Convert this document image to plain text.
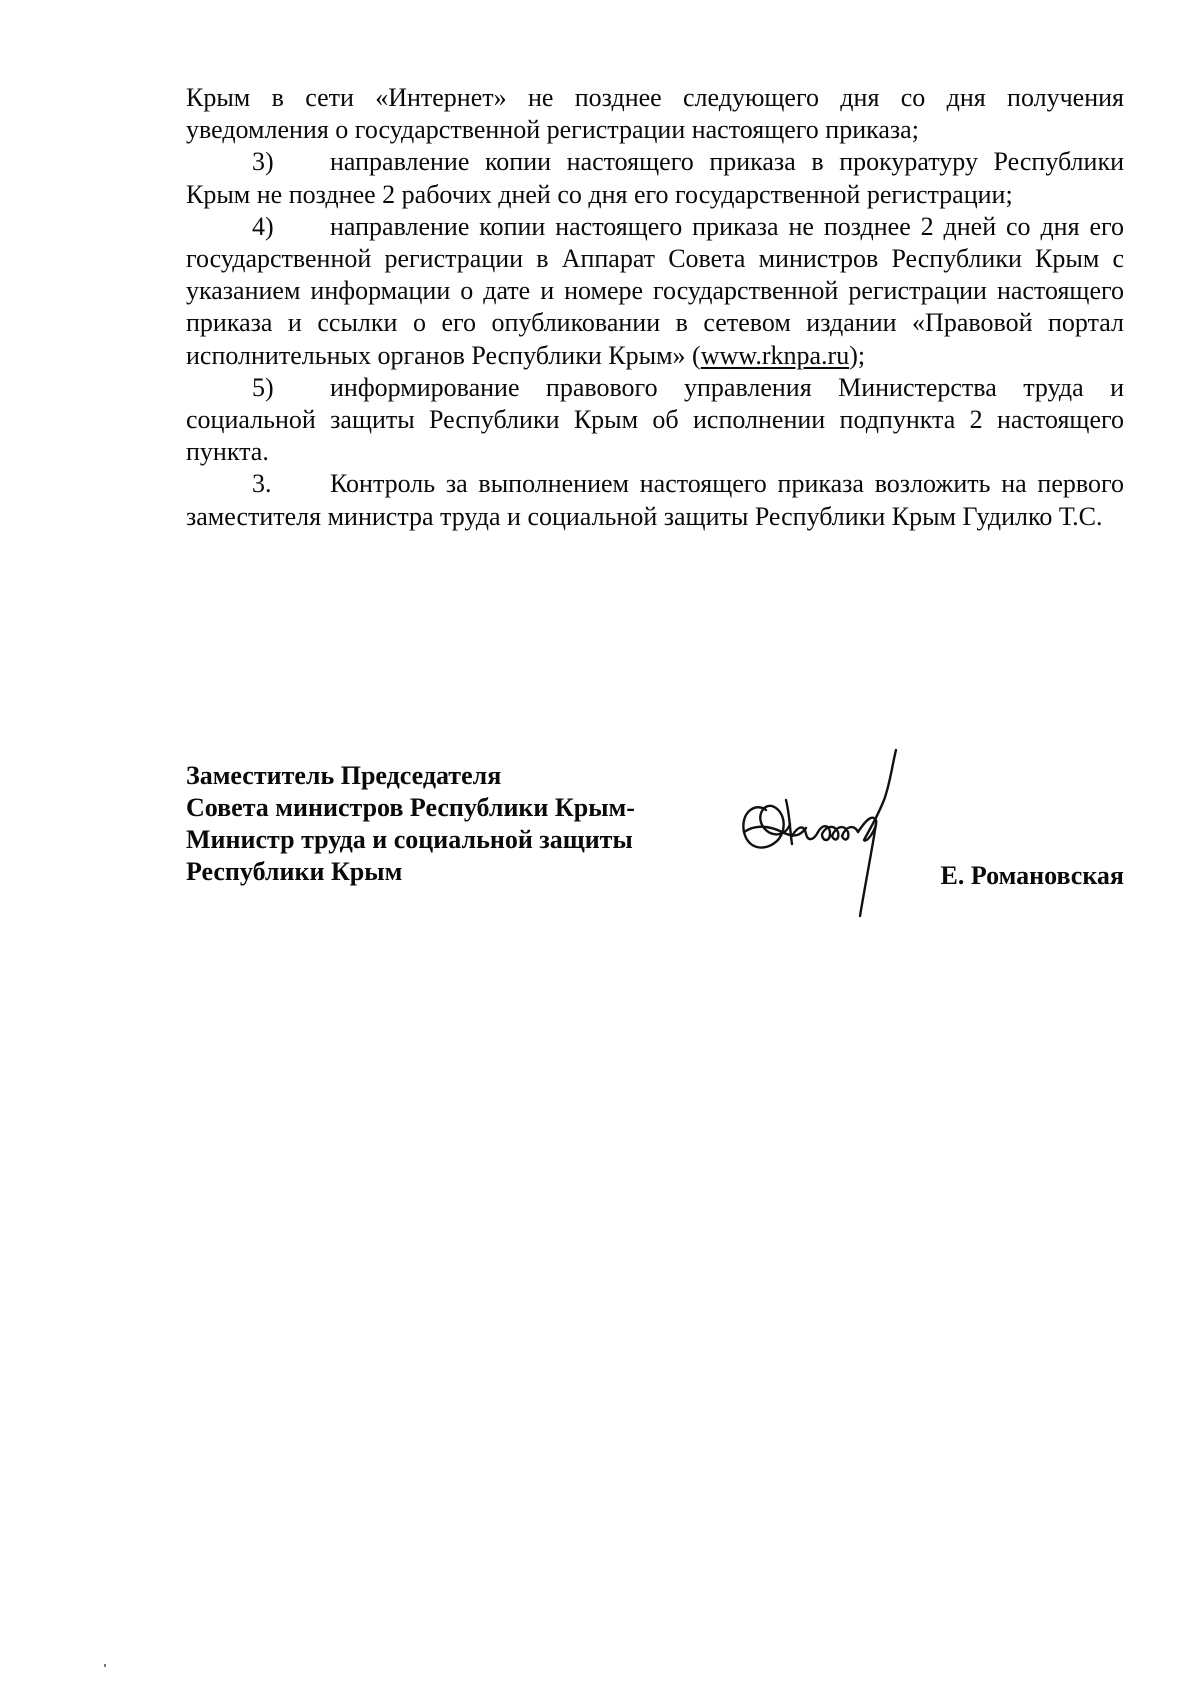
Крым в сети «Интернет» не позднее следующего дня со дня получения уведомления о государственной регистрации настоящего приказа;

3) направление копии настоящего приказа в прокуратуру Республики Крым не позднее 2 рабочих дней со дня его государственной регистрации;

4) направление копии настоящего приказа не позднее 2 дней со дня его государственной регистрации в Аппарат Совета министров Республики Крым с указанием информации о дате и номере государственной регистрации настоящего приказа и ссылки о его опубликовании в сетевом издании «Правовой портал исполнительных органов Республики Крым» (www.rknpa.ru);

5) информирование правового управления Министерства труда и социальной защиты Республики Крым об исполнении подпункта 2 настоящего пункта.

3. Контроль за выполнением настоящего приказа возложить на первого заместителя министра труда и социальной защиты Республики Крым Гудилко Т.С.

Заместитель Председателя
Совета министров Республики Крым-
Министр труда и социальной защиты
Республики Крым	Е. Романовская
